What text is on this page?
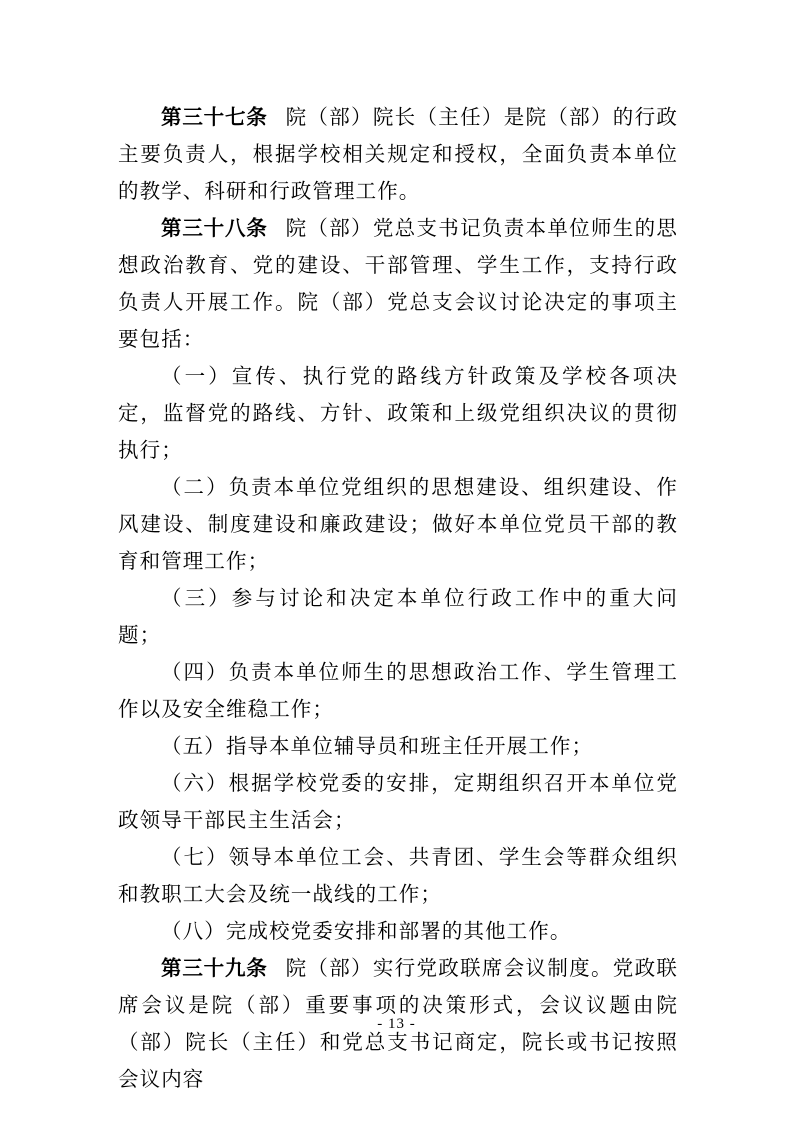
第三十七条 院（部）院长（主任）是院（部）的行政主要负责人，根据学校相关规定和授权，全面负责本单位的教学、科研和行政管理工作。

第三十八条 院（部）党总支书记负责本单位师生的思想政治教育、党的建设、干部管理、学生工作，支持行政负责人开展工作。院（部）党总支会议讨论决定的事项主要包括：

（一）宣传、执行党的路线方针政策及学校各项决定，监督党的路线、方针、政策和上级党组织决议的贯彻执行；

（二）负责本单位党组织的思想建设、组织建设、作风建设、制度建设和廉政建设；做好本单位党员干部的教育和管理工作；

（三）参与讨论和决定本单位行政工作中的重大问题；

（四）负责本单位师生的思想政治工作、学生管理工作以及安全维稳工作；

（五）指导本单位辅导员和班主任开展工作；

（六）根据学校党委的安排，定期组织召开本单位党政领导干部民主生活会；

（七）领导本单位工会、共青团、学生会等群众组织和教职工大会及统一战线的工作；

（八）完成校党委安排和部署的其他工作。

第三十九条 院（部）实行党政联席会议制度。党政联席会议是院（部）重要事项的决策形式，会议议题由院（部）院长（主任）和党总支书记商定，院长或书记按照会议内容

- 13 -
